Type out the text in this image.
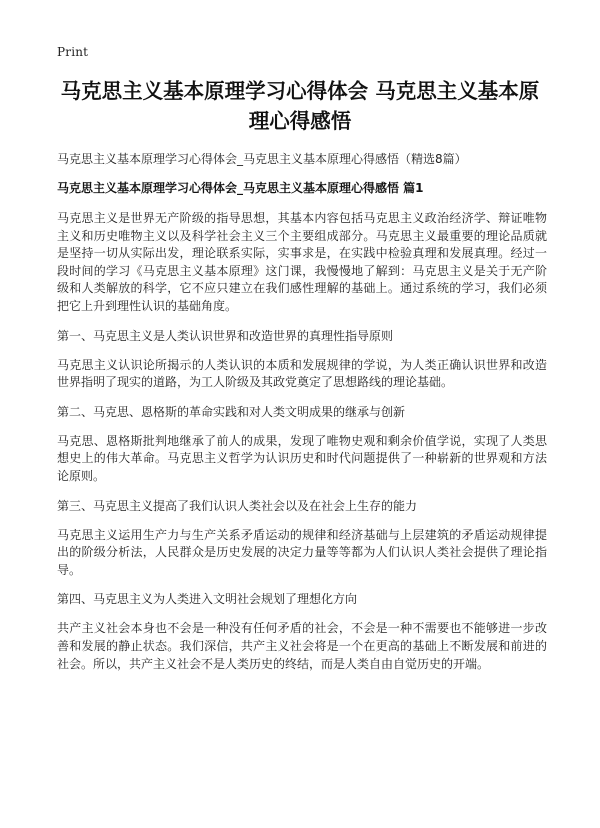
Print
马克思主义基本原理学习心得体会 马克思主义基本原
理心得感悟
马克思主义基本原理学习心得体会_马克思主义基本原理心得感悟（精选8篇）
马克思主义基本原理学习心得体会_马克思主义基本原理心得感悟 篇1

马克思主义是世界无产阶级的指导思想，其基本内容包括马克思主义政治经济学、辩证唯物主义和历史唯物主义以及科学社会主义三个主要组成部分。马克思主义最重要的理论品质就是坚持一切从实际出发，理论联系实际，实事求是，在实践中检验真理和发展真理。经过一段时间的学习《马克思主义基本原理》这门课，我慢慢地了解到：马克思主义是关于无产阶级和人类解放的科学，它不应只建立在我们感性理解的基础上。通过系统的学习，我们必须把它上升到理性认识的基础角度。

第一、马克思主义是人类认识世界和改造世界的真理性指导原则

马克思主义认识论所揭示的人类认识的本质和发展规律的学说，为人类正确认识世界和改造世界指明了现实的道路，为工人阶级及其政党奠定了思想路线的理论基础。

第二、马克思、恩格斯的革命实践和对人类文明成果的继承与创新

马克思、恩格斯批判地继承了前人的成果，发现了唯物史观和剩余价值学说，实现了人类思想史上的伟大革命。马克思主义哲学为认识历史和时代问题提供了一种崭新的世界观和方法论原则。

第三、马克思主义提高了我们认识人类社会以及在社会上生存的能力

马克思主义运用生产力与生产关系矛盾运动的规律和经济基础与上层建筑的矛盾运动规律提出的阶级分析法，人民群众是历史发展的决定力量等等都为人们认识人类社会提供了理论指导。

第四、马克思主义为人类进入文明社会规划了理想化方向

共产主义社会本身也不会是一种没有任何矛盾的社会，不会是一种不需要也不能够进一步改善和发展的静止状态。我们深信，共产主义社会将是一个在更高的基础上不断发展和前进的社会。所以，共产主义社会不是人类历史的终结，而是人类自由自觉历史的开端。
